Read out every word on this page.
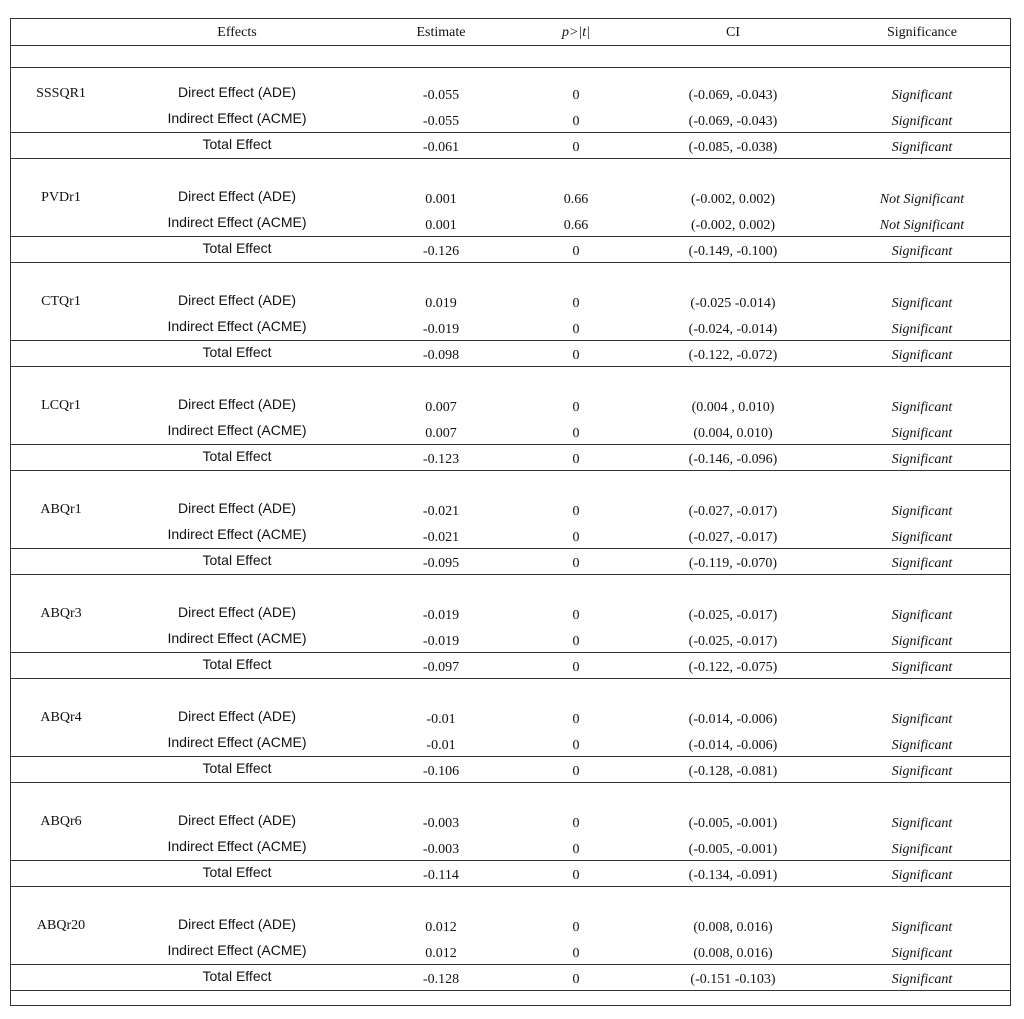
Effects	Estimate	p>|t|	CI	Significance
SSSQR1	Direct Effect (ADE)	-0.055	0	(-0.069, -0.043)	Significant
Indirect Effect (ACME)	-0.055	0	(-0.069, -0.043)	Significant
Total Effect	-0.061	0	(-0.085, -0.038)	Significant
PVDr1	Direct Effect (ADE)	0.001	0.66	(-0.002, 0.002)	Not Significant
Indirect Effect (ACME)	0.001	0.66	(-0.002, 0.002)	Not Significant
Total Effect	-0.126	0	(-0.149, -0.100)	Significant
CTQr1	Direct Effect (ADE)	0.019	0	(-0.025 -0.014)	Significant
Indirect Effect (ACME)	-0.019	0	(-0.024, -0.014)	Significant
Total Effect	-0.098	0	(-0.122, -0.072)	Significant
LCQr1	Direct Effect (ADE)	0.007	0	(0.004 , 0.010)	Significant
Indirect Effect (ACME)	0.007	0	(0.004, 0.010)	Significant
Total Effect	-0.123	0	(-0.146, -0.096)	Significant
ABQr1	Direct Effect (ADE)	-0.021	0	(-0.027, -0.017)	Significant
Indirect Effect (ACME)	-0.021	0	(-0.027, -0.017)	Significant
Total Effect	-0.095	0	(-0.119, -0.070)	Significant
ABQr3	Direct Effect (ADE)	-0.019	0	(-0.025, -0.017)	Significant
Indirect Effect (ACME)	-0.019	0	(-0.025, -0.017)	Significant
Total Effect	-0.097	0	(-0.122, -0.075)	Significant
ABQr4	Direct Effect (ADE)	-0.01	0	(-0.014, -0.006)	Significant
Indirect Effect (ACME)	-0.01	0	(-0.014, -0.006)	Significant
Total Effect	-0.106	0	(-0.128, -0.081)	Significant
ABQr6	Direct Effect (ADE)	-0.003	0	(-0.005, -0.001)	Significant
Indirect Effect (ACME)	-0.003	0	(-0.005, -0.001)	Significant
Total Effect	-0.114	0	(-0.134, -0.091)	Significant
ABQr20	Direct Effect (ADE)	0.012	0	(0.008, 0.016)	Significant
Indirect Effect (ACME)	0.012	0	(0.008, 0.016)	Significant
Total Effect	-0.128	0	(-0.151 -0.103)	Significant
